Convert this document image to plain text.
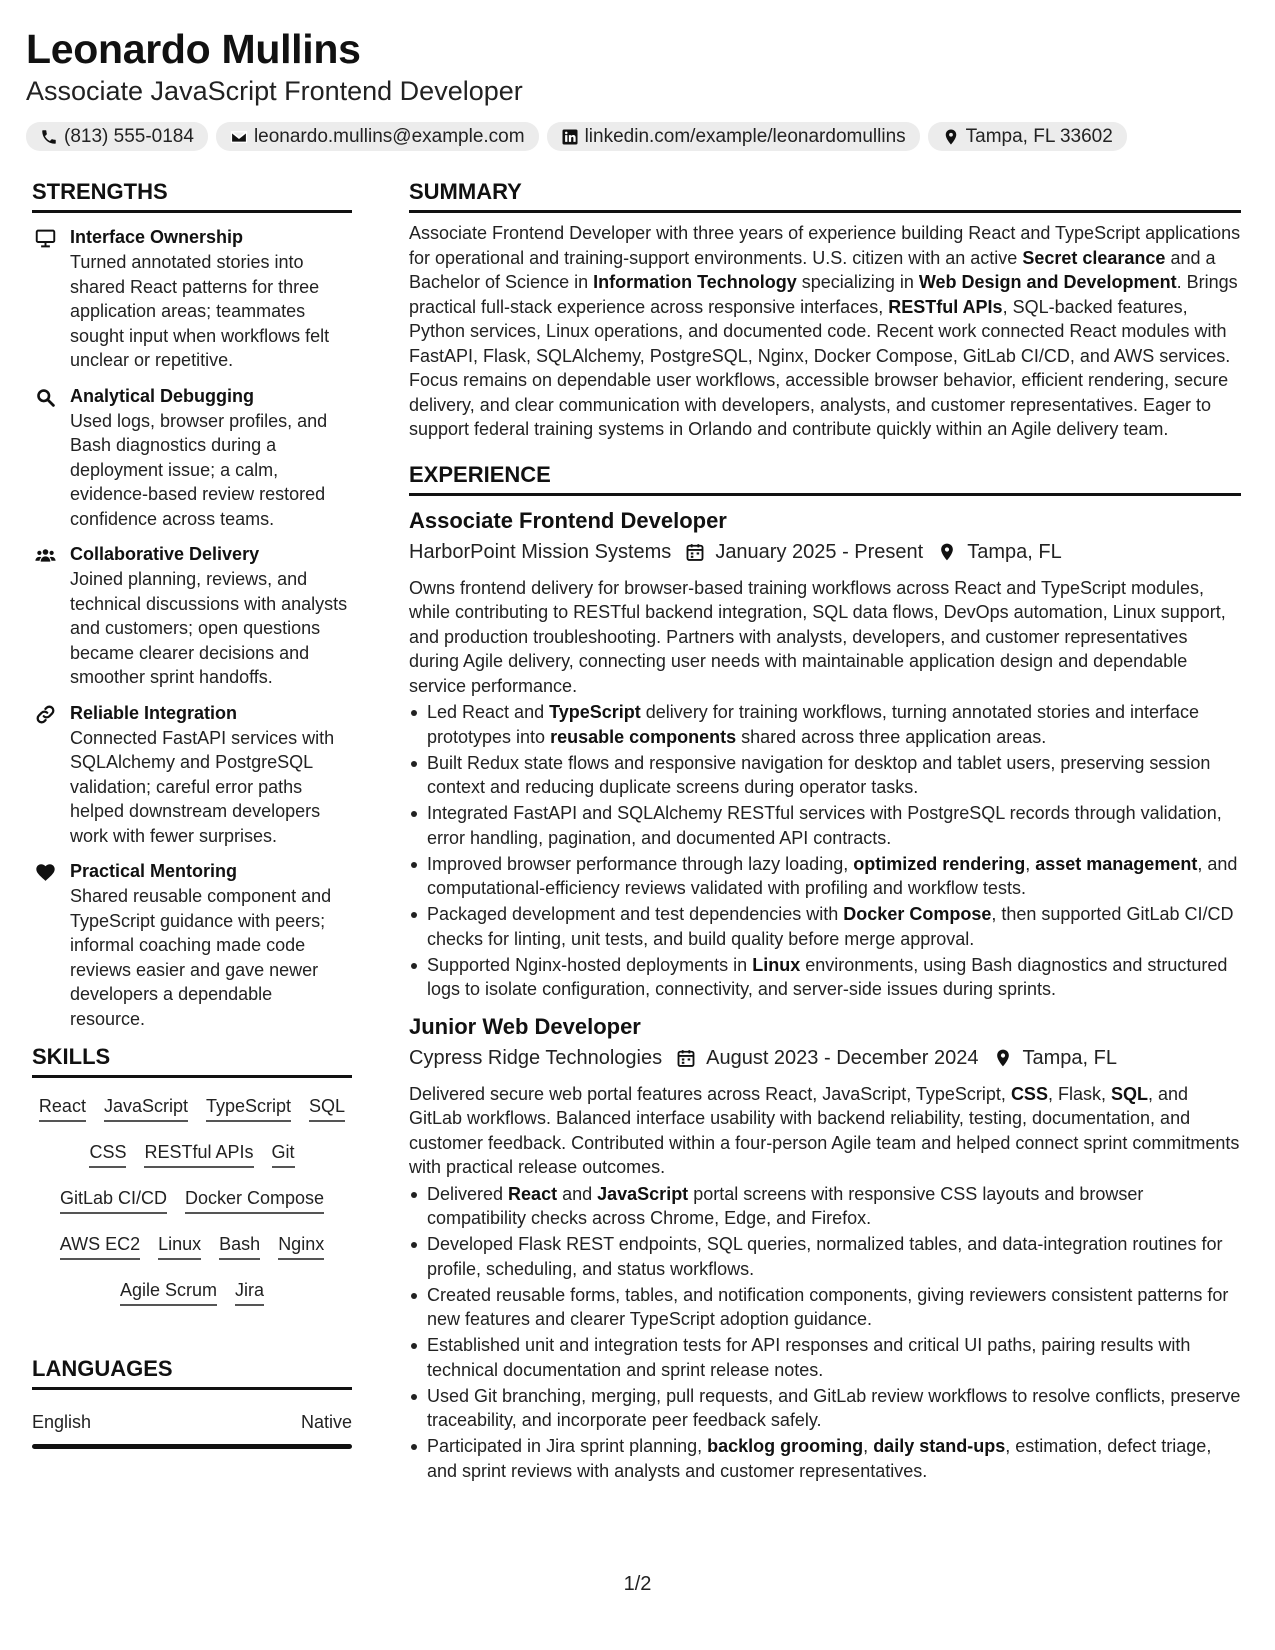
Leonardo Mullins
Associate JavaScript Frontend Developer
(813) 555-0184	leonardo.mullins@example.com	linkedin.com/example/leonardomullins	Tampa, FL 33602
STRENGTHS
Interface Ownership
Turned annotated stories into shared React patterns for three application areas; teammates sought input when workflows felt unclear or repetitive.
Analytical Debugging
Used logs, browser profiles, and Bash diagnostics during a deployment issue; a calm, evidence-based review restored confidence across teams.
Collaborative Delivery
Joined planning, reviews, and technical discussions with analysts and customers; open questions became clearer decisions and smoother sprint handoffs.
Reliable Integration
Connected FastAPI services with SQLAlchemy and PostgreSQL validation; careful error paths helped downstream developers work with fewer surprises.
Practical Mentoring
Shared reusable component and TypeScript guidance with peers; informal coaching made code reviews easier and gave newer developers a dependable resource.
SKILLS
React JavaScript TypeScript SQL
CSS RESTful APIs Git
GitLab CI/CD Docker Compose
AWS EC2 Linux Bash Nginx
Agile Scrum Jira
LANGUAGES
English	Native
SUMMARY
Associate Frontend Developer with three years of experience building React and TypeScript applications for operational and training-support environments. U.S. citizen with an active Secret clearance and a Bachelor of Science in Information Technology specializing in Web Design and Development. Brings practical full-stack experience across responsive interfaces, RESTful APIs, SQL-backed features, Python services, Linux operations, and documented code. Recent work connected React modules with FastAPI, Flask, SQLAlchemy, PostgreSQL, Nginx, Docker Compose, GitLab CI/CD, and AWS services. Focus remains on dependable user workflows, accessible browser behavior, efficient rendering, secure delivery, and clear communication with developers, analysts, and customer representatives. Eager to support federal training systems in Orlando and contribute quickly within an Agile delivery team.
EXPERIENCE
Associate Frontend Developer
HarborPoint Mission Systems January 2025 - Present Tampa, FL
Owns frontend delivery for browser-based training workflows across React and TypeScript modules, while contributing to RESTful backend integration, SQL data flows, DevOps automation, Linux support, and production troubleshooting. Partners with analysts, developers, and customer representatives during Agile delivery, connecting user needs with maintainable application design and dependable service performance.
Led React and TypeScript delivery for training workflows, turning annotated stories and interface prototypes into reusable components shared across three application areas.
Built Redux state flows and responsive navigation for desktop and tablet users, preserving session context and reducing duplicate screens during operator tasks.
Integrated FastAPI and SQLAlchemy RESTful services with PostgreSQL records through validation, error handling, pagination, and documented API contracts.
Improved browser performance through lazy loading, optimized rendering, asset management, and computational-efficiency reviews validated with profiling and workflow tests.
Packaged development and test dependencies with Docker Compose, then supported GitLab CI/CD checks for linting, unit tests, and build quality before merge approval.
Supported Nginx-hosted deployments in Linux environments, using Bash diagnostics and structured logs to isolate configuration, connectivity, and server-side issues during sprints.
Junior Web Developer
Cypress Ridge Technologies August 2023 - December 2024 Tampa, FL
Delivered secure web portal features across React, JavaScript, TypeScript, CSS, Flask, SQL, and GitLab workflows. Balanced interface usability with backend reliability, testing, documentation, and customer feedback. Contributed within a four-person Agile team and helped connect sprint commitments with practical release outcomes.
Delivered React and JavaScript portal screens with responsive CSS layouts and browser compatibility checks across Chrome, Edge, and Firefox.
Developed Flask REST endpoints, SQL queries, normalized tables, and data-integration routines for profile, scheduling, and status workflows.
Created reusable forms, tables, and notification components, giving reviewers consistent patterns for new features and clearer TypeScript adoption guidance.
Established unit and integration tests for API responses and critical UI paths, pairing results with technical documentation and sprint release notes.
Used Git branching, merging, pull requests, and GitLab review workflows to resolve conflicts, preserve traceability, and incorporate peer feedback safely.
Participated in Jira sprint planning, backlog grooming, daily stand-ups, estimation, defect triage, and sprint reviews with analysts and customer representatives.
1/2
